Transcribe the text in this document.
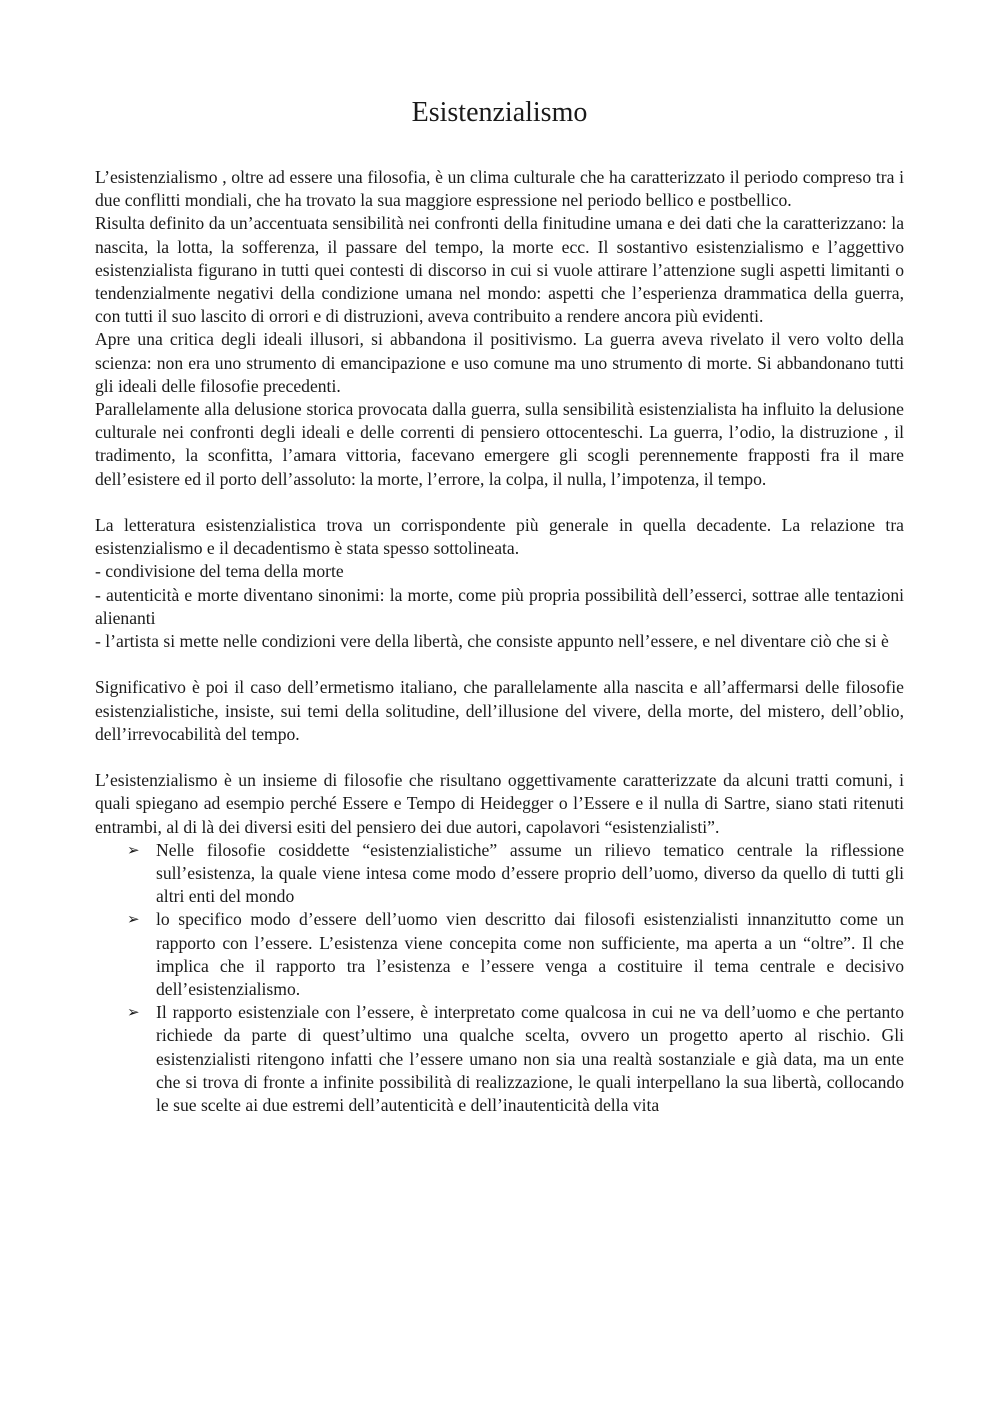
Esistenzialismo

L’esistenzialismo , oltre ad essere una filosofia, è un clima culturale che ha caratterizzato il periodo compreso tra i due conflitti mondiali, che ha trovato la sua maggiore espressione nel periodo bellico e postbellico.

Risulta definito da un’accentuata sensibilità nei confronti della finitudine umana e dei dati che la caratterizzano: la nascita, la lotta, la sofferenza, il passare del tempo, la morte ecc. Il sostantivo esistenzialismo e l’aggettivo esistenzialista figurano in tutti quei contesti di discorso in cui si vuole attirare l’attenzione sugli aspetti limitanti o tendenzialmente negativi della condizione umana nel mondo: aspetti che l’esperienza drammatica della guerra, con tutti il suo lascito di orrori e di distruzioni, aveva contribuito a rendere ancora più evidenti.

Apre una critica degli ideali illusori, si abbandona il positivismo. La guerra aveva rivelato il vero volto della scienza: non era uno strumento di emancipazione e uso comune ma uno strumento di morte. Si abbandonano tutti gli ideali delle filosofie precedenti.

Parallelamente alla delusione storica provocata dalla guerra, sulla sensibilità esistenzialista ha influito la delusione culturale nei confronti degli ideali e delle correnti di pensiero ottocenteschi. La guerra, l’odio, la distruzione , il tradimento, la sconfitta, l’amara vittoria, facevano emergere gli scogli perennemente frapposti fra il mare dell’esistere ed il porto dell’assoluto: la morte, l’errore, la colpa, il nulla, l’impotenza, il tempo.

La letteratura esistenzialistica trova un corrispondente più generale in quella decadente. La relazione tra esistenzialismo e il decadentismo è stata spesso sottolineata.

- condivisione del tema della morte

- autenticità e morte diventano sinonimi: la morte, come più propria possibilità dell’esserci, sottrae alle tentazioni alienanti

- l’artista si mette nelle condizioni vere della libertà, che consiste appunto nell’essere, e nel diventare ciò che si è

Significativo è poi il caso dell’ermetismo italiano, che parallelamente alla nascita e all’affermarsi delle filosofie esistenzialistiche, insiste, sui temi della solitudine, dell’illusione del vivere, della morte, del mistero, dell’oblio, dell’irrevocabilità del tempo.

L’esistenzialismo è un insieme di filosofie che risultano oggettivamente caratterizzate da alcuni tratti comuni, i quali spiegano ad esempio perché Essere e Tempo di Heidegger o l’Essere e il nulla di Sartre, siano stati ritenuti entrambi, al di là dei diversi esiti del pensiero dei due autori, capolavori “esistenzialisti”.

➢ Nelle filosofie cosiddette “esistenzialistiche” assume un rilievo tematico centrale la riflessione sull’esistenza, la quale viene intesa come modo d’essere proprio dell’uomo, diverso da quello di tutti gli altri enti del mondo
➢ lo specifico modo d’essere dell’uomo vien descritto dai filosofi esistenzialisti innanzitutto come un rapporto con l’essere. L’esistenza viene concepita come non sufficiente, ma aperta a un “oltre”. Il che implica che il rapporto tra l’esistenza e l’essere venga a costituire il tema centrale e decisivo dell’esistenzialismo.
➢ Il rapporto esistenziale con l’essere, è interpretato come qualcosa in cui ne va dell’uomo e che pertanto richiede da parte di quest’ultimo una qualche scelta, ovvero un progetto aperto al rischio. Gli esistenzialisti ritengono infatti che l’essere umano non sia una realtà sostanziale e già data, ma un ente che si trova di fronte a infinite possibilità di realizzazione, le quali interpellano la sua libertà, collocando le sue scelte ai due estremi dell’autenticità e dell’inautenticità della vita
